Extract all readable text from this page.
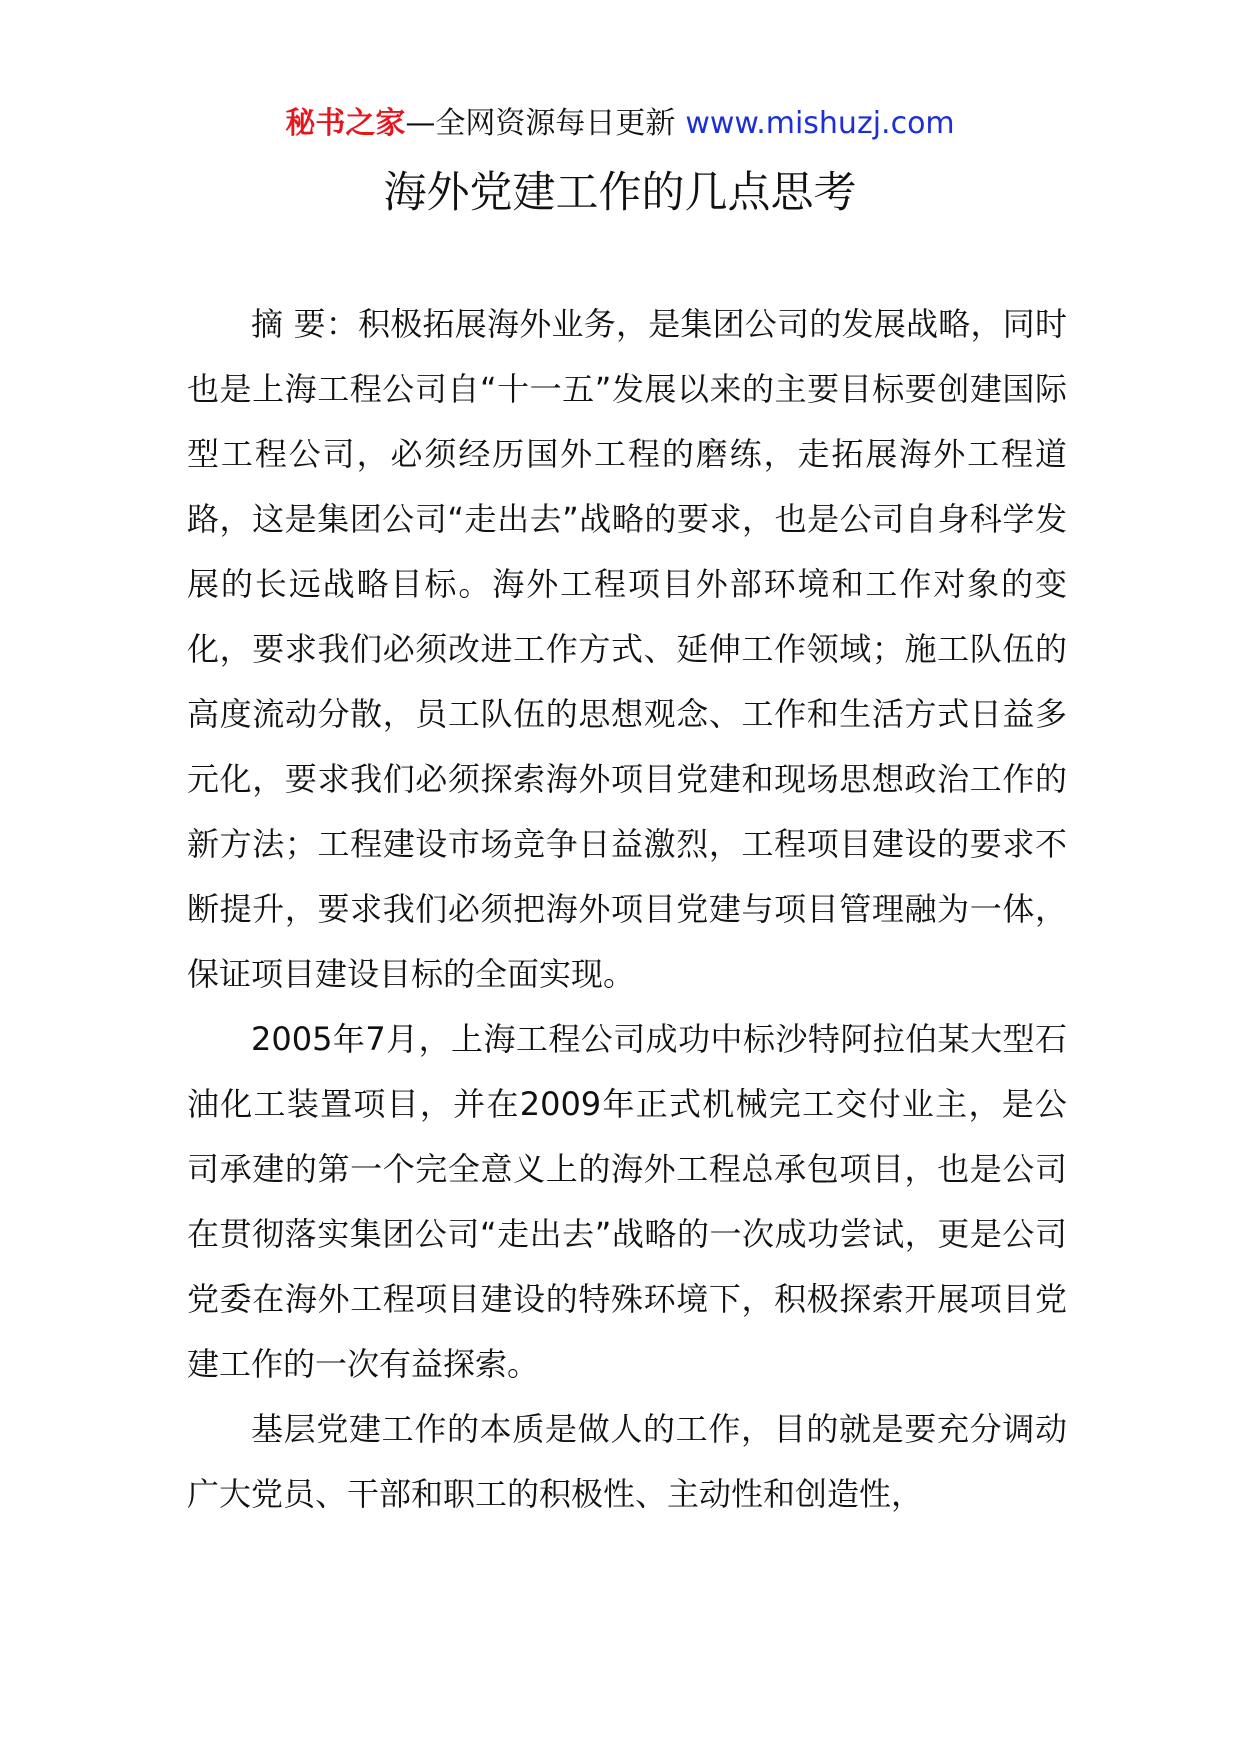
秘书之家—全网资源每日更新 www.mishuzj.com
海外党建工作的几点思考

摘 要：积极拓展海外业务，是集团公司的发展战略，同时也是上海工程公司自“十一五”发展以来的主要目标要创建国际型工程公司，必须经历国外工程的磨练，走拓展海外工程道路，这是集团公司“走出去”战略的要求，也是公司自身科学发展的长远战略目标。海外工程项目外部环境和工作对象的变化，要求我们必须改进工作方式、延伸工作领域；施工队伍的高度流动分散，员工队伍的思想观念、工作和生活方式日益多元化，要求我们必须探索海外项目党建和现场思想政治工作的新方法；工程建设市场竞争日益激烈，工程项目建设的要求不断提升，要求我们必须把海外项目党建与项目管理融为一体，保证项目建设目标的全面实现。

2005年7月，上海工程公司成功中标沙特阿拉伯某大型石油化工装置项目，并在2009年正式机械完工交付业主，是公司承建的第一个完全意义上的海外工程总承包项目，也是公司在贯彻落实集团公司“走出去”战略的一次成功尝试，更是公司党委在海外工程项目建设的特殊环境下，积极探索开展项目党建工作的一次有益探索。

基层党建工作的本质是做人的工作，目的就是要充分调动广大党员、干部和职工的积极性、主动性和创造性，
